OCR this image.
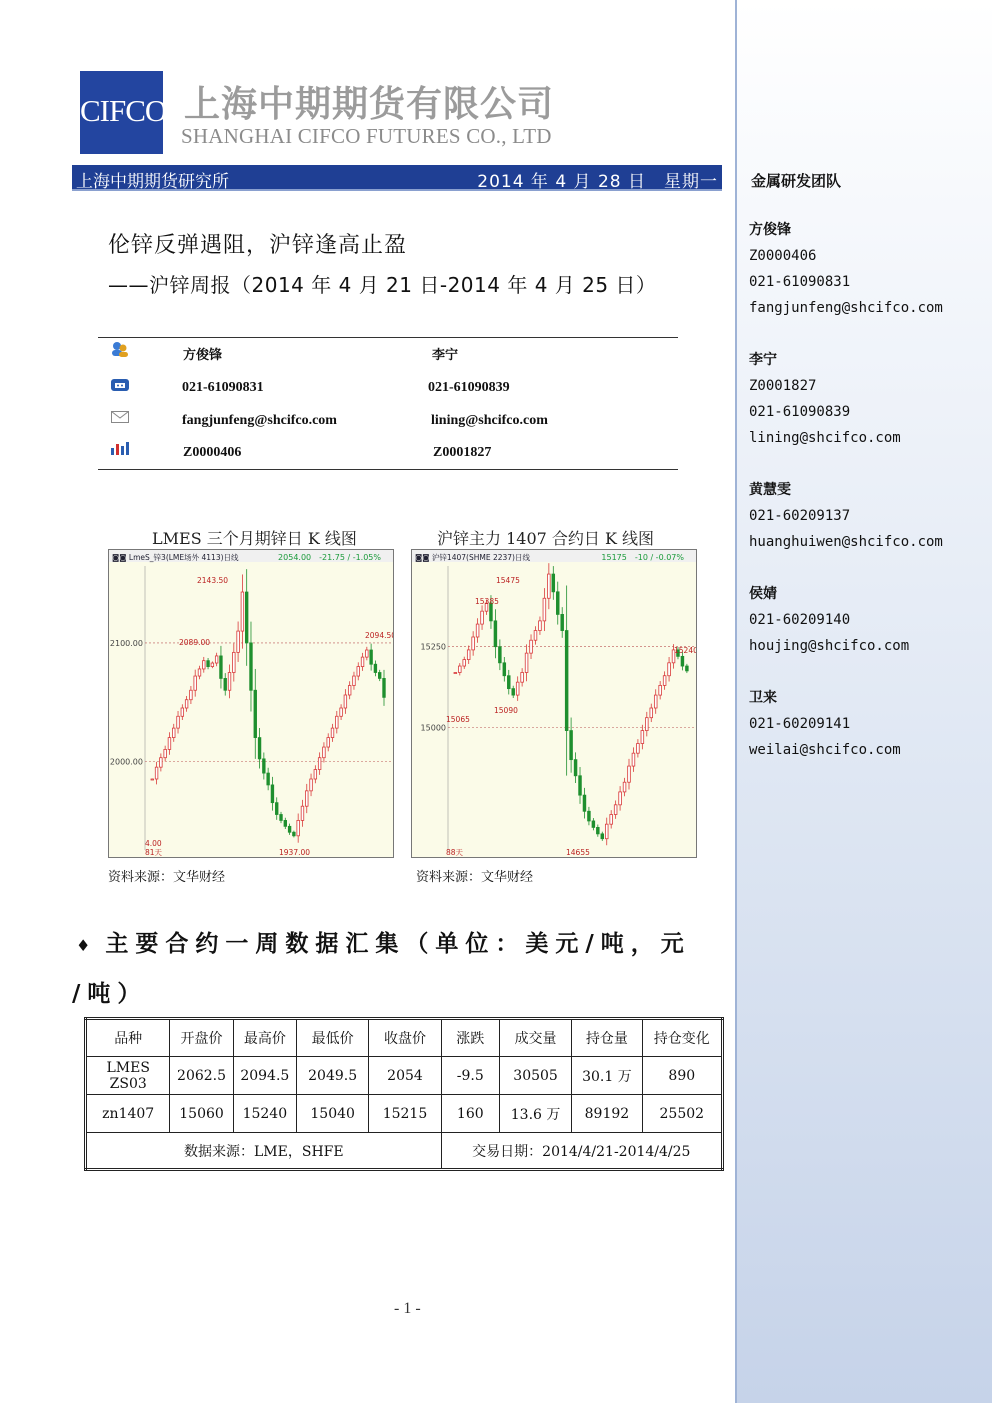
CIFCO 上海中期期货有限公司
SHANGHAI CIFCO FUTURES CO., LTD
上海中期期货研究所	2014 年 4 月 28 日　星期一
伦锌反弹遇阻，沪锌逢高止盈
——沪锌周报（2014 年 4 月 21 日-2014 年 4 月 25 日）
方俊锋	李宁
021-61090831	021-61090839
fangjunfeng@shcifco.com	lining@shcifco.com
Z0000406	Z0001827
LMES 三个月期锌日 K 线图	沪锌主力 1407 合约日 K 线图
◙◙ LmeS_锌3(LME场外 4113)日线	2054.00　-21.75 / -1.05%
2100.00
2000.00
2143.50
2089.00
2094.50
1937.00
4.00
81天
◙◙ 沪锌1407(SHME 2237)日线	15175　-10 / -0.07%
15250
15000
15475
15385
15090
15065
15240
14655
88天
资料来源：文华财经	资料来源：文华财经
♦ 主要合约一周数据汇集（单位：美元/吨，元
/吨）
品种	开盘价	最高价	最低价	收盘价	涨跌	成交量	持仓量	持仓变化
LMES ZS03	2062.5	2094.5	2049.5	2054	-9.5	30505	30.1 万	890
zn1407	15060	15240	15040	15215	160	13.6 万	89192	25502
数据来源：LME，SHFE					交易日期：2014/4/21-2014/4/25			
- 1 -
金属研发团队
方俊锋
Z0000406
021-61090831
fangjunfeng@shcifco.com
李宁
Z0001827
021-61090839
lining@shcifco.com
黄慧雯
021-60209137
huanghuiwen@shcifco.com
侯婧
021-60209140
houjing@shcifco.com
卫来
021-60209141
weilai@shcifco.com
